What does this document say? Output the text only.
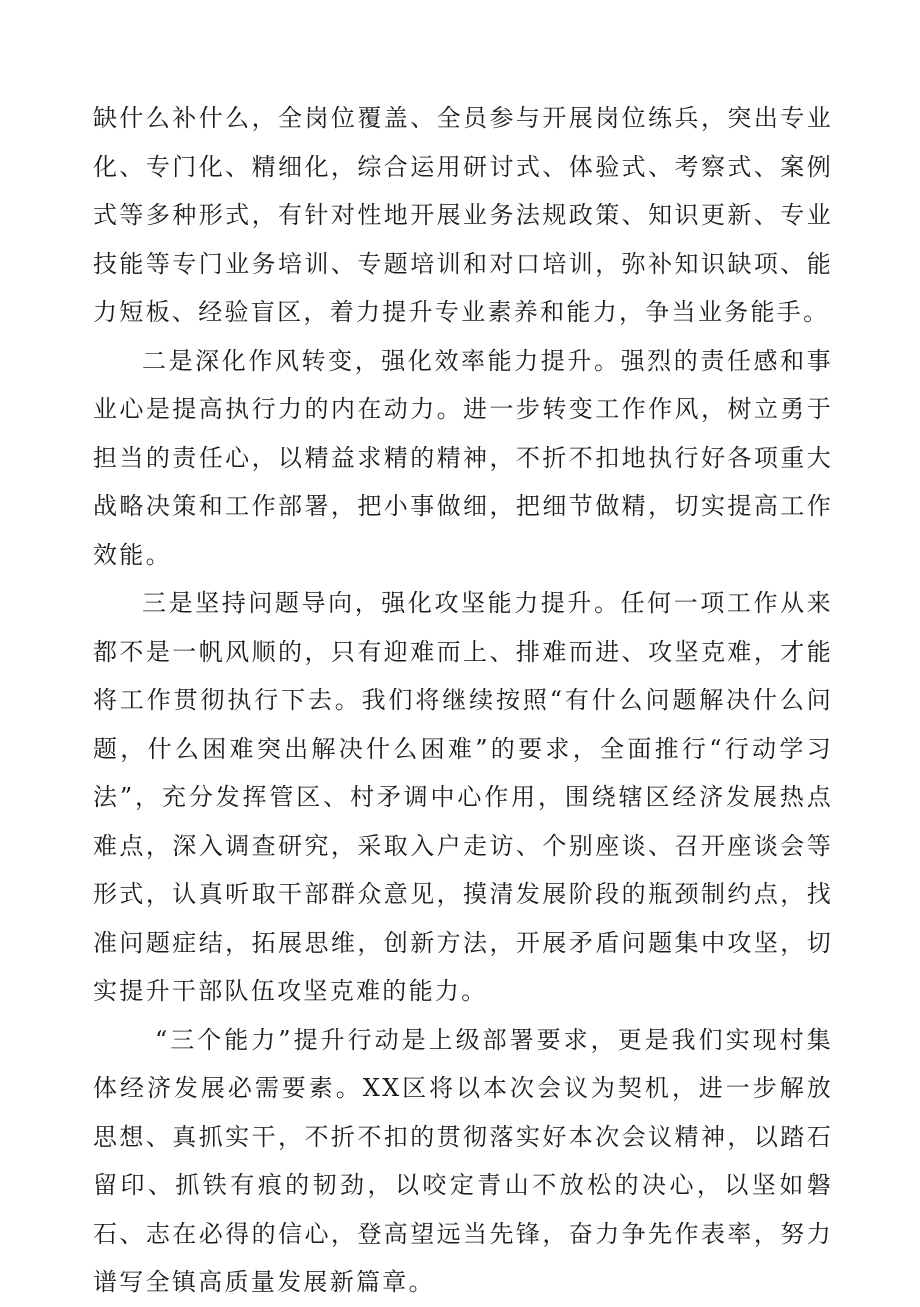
缺什么补什么，全岗位覆盖、全员参与开展岗位练兵，突出专业化、专门化、精细化，综合运用研讨式、体验式、考察式、案例式等多种形式，有针对性地开展业务法规政策、知识更新、专业技能等专门业务培训、专题培训和对口培训，弥补知识缺项、能力短板、经验盲区，着力提升专业素养和能力，争当业务能手。

二是深化作风转变，强化效率能力提升。强烈的责任感和事业心是提高执行力的内在动力。进一步转变工作作风，树立勇于担当的责任心，以精益求精的精神，不折不扣地执行好各项重大战略决策和工作部署，把小事做细，把细节做精，切实提高工作效能。

三是坚持问题导向，强化攻坚能力提升。任何一项工作从来都不是一帆风顺的，只有迎难而上、排难而进、攻坚克难，才能将工作贯彻执行下去。我们将继续按照“有什么问题解决什么问题，什么困难突出解决什么困难”的要求，全面推行“行动学习法”，充分发挥管区、村矛调中心作用，围绕辖区经济发展热点难点，深入调查研究，采取入户走访、个别座谈、召开座谈会等形式，认真听取干部群众意见，摸清发展阶段的瓶颈制约点，找准问题症结，拓展思维，创新方法，开展矛盾问题集中攻坚，切实提升干部队伍攻坚克难的能力。

“三个能力”提升行动是上级部署要求，更是我们实现村集体经济发展必需要素。XX区将以本次会议为契机，进一步解放思想、真抓实干，不折不扣的贯彻落实好本次会议精神，以踏石留印、抓铁有痕的韧劲，以咬定青山不放松的决心，以坚如磐石、志在必得的信心，登高望远当先锋，奋力争先作表率，努力谱写全镇高质量发展新篇章。
